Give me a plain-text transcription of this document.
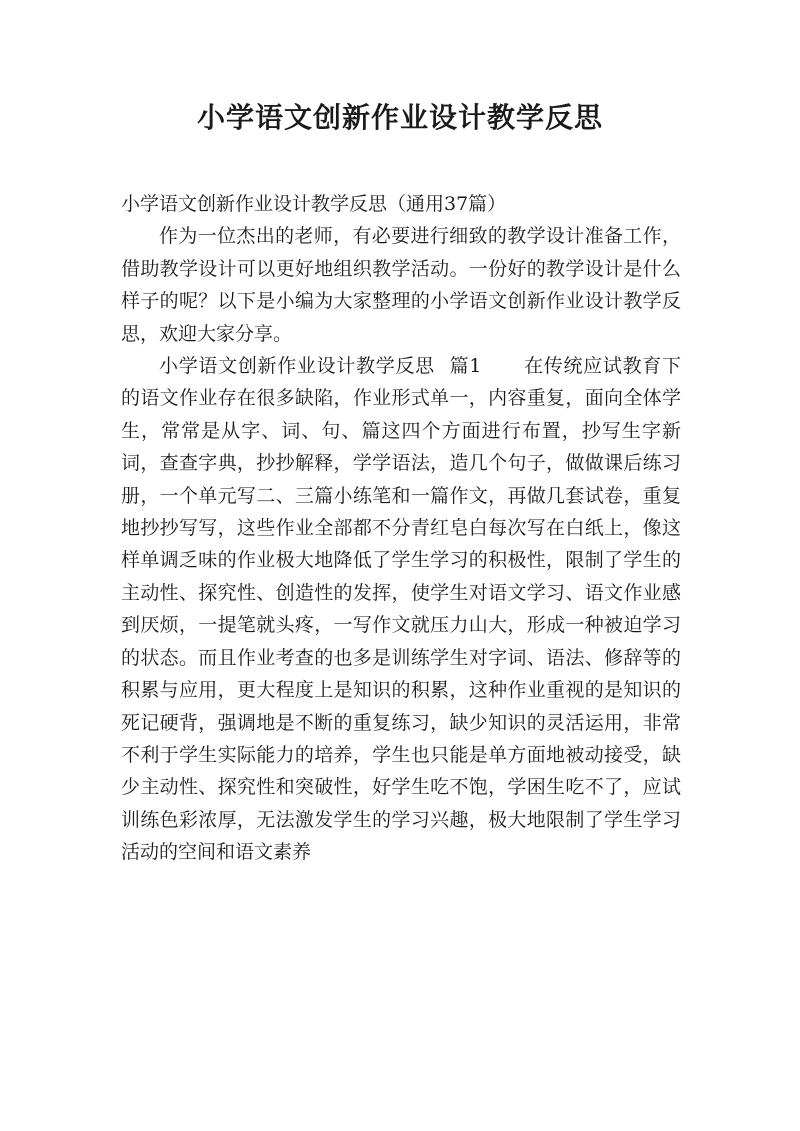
小学语文创新作业设计教学反思

小学语文创新作业设计教学反思（通用37篇）

作为一位杰出的老师，有必要进行细致的教学设计准备工作，借助教学设计可以更好地组织教学活动。一份好的教学设计是什么样子的呢？以下是小编为大家整理的小学语文创新作业设计教学反思，欢迎大家分享。

小学语文创新作业设计教学反思 篇1 在传统应试教育下的语文作业存在很多缺陷，作业形式单一，内容重复，面向全体学生，常常是从字、词、句、篇这四个方面进行布置，抄写生字新词，查查字典，抄抄解释，学学语法，造几个句子，做做课后练习册，一个单元写二、三篇小练笔和一篇作文，再做几套试卷，重复地抄抄写写，这些作业全部都不分青红皂白每次写在白纸上，像这样单调乏味的作业极大地降低了学生学习的积极性，限制了学生的主动性、探究性、创造性的发挥，使学生对语文学习、语文作业感到厌烦，一提笔就头疼，一写作文就压力山大，形成一种被迫学习的状态。而且作业考查的也多是训练学生对字词、语法、修辞等的积累与应用，更大程度上是知识的积累，这种作业重视的是知识的死记硬背，强调地是不断的重复练习，缺少知识的灵活运用，非常不利于学生实际能力的培养，学生也只能是单方面地被动接受，缺少主动性、探究性和突破性，好学生吃不饱，学困生吃不了，应试训练色彩浓厚，无法激发学生的学习兴趣，极大地限制了学生学习活动的空间和语文素养
